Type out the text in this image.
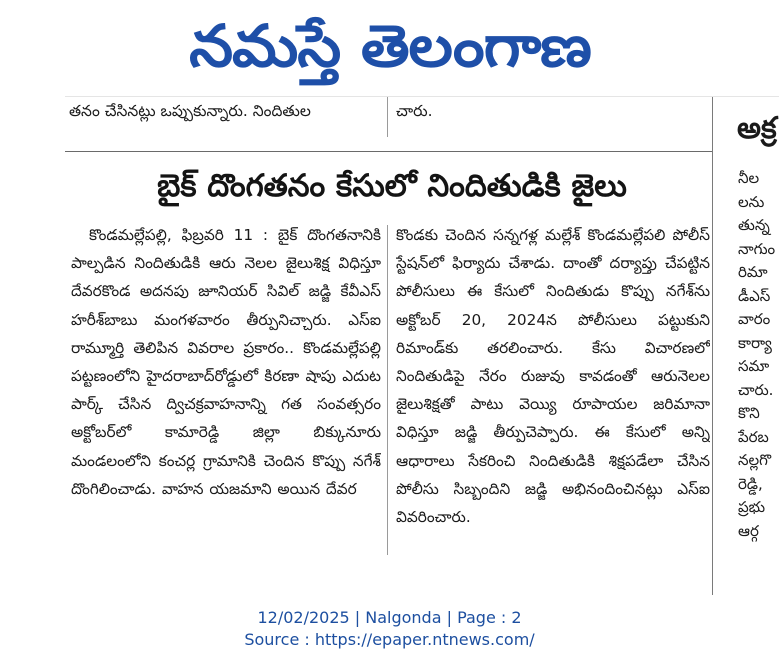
నమస్తే తెలంగాణ
తనం చేసినట్లు ఒప్పుకున్నారు. నిందితుల	చారు.
బైక్ దొంగతనం కేసులో నిందితుడికి జైలు

కొండమల్లేపల్లి, ఫిబ్రవరి 11 : బైక్ దొంగతనానికి పాల్పడిన నిందితుడికి ఆరు నెలల జైలుశిక్ష విధిస్తూ దేవరకొండ అదనపు జూనియర్ సివిల్ జడ్జి కేవీఎస్ హరీశ్‌బాబు మంగళవారం తీర్పునిచ్చారు. ఎస్ఐ రామ్మూర్తి తెలిపిన వివరాల ప్రకారం.. కొండమల్లేపల్లి పట్టణంలోని హైదరాబాద్‌రోడ్డులో కిరణా షాపు ఎదుట పార్క్ చేసిన ద్విచక్రవాహనాన్ని గత సంవత్సరం అక్టోబర్‌లో కామారెడ్డి జిల్లా బిక్కునూరు మండలంలోని కంచర్ల గ్రామానికి చెందిన కొప్పు నగేశ్ దొంగిలించాడు. వాహన యజమాని అయిన దేవర

కొండకు చెందిన సన్నగళ్ల మల్లేశ్ కొండమల్లేపలి పోలీస్ స్టేషన్‌లో ఫిర్యాదు చేశాడు. దాంతో దర్యాప్తు చేపట్టిన పోలీసులు ఈ కేసులో నిందితుడు కొప్పు నగేశ్‌ను అక్టోబర్ 20, 2024న పోలీసులు పట్టుకుని రిమాండ్‌కు తరలించారు. కేసు విచారణలో నిందితుడిపై నేరం రుజువు కావడంతో ఆరునెలల జైలుశిక్షతో పాటు వెయ్యి రూపాయల జరిమానా విధిస్తూ జడ్జి తీర్పుచెప్పారు. ఈ కేసులో అన్ని ఆధారాలు సేకరించి నిందితుడికి శిక్షపడేలా చేసిన పోలీసు సిబ్బందిని జడ్జి అభినందించినట్లు ఎస్ఐ వివరించారు.

అక్ర
నీల
లను
తున్న
నాగుం
రిమా
డీఎస్
వారం
కార్యా
సమా
చారు.
కొని
పేరబ
నల్లగొ
రెడ్డి,
ప్రభు
ఆర్గ
12/02/2025 | Nalgonda | Page : 2
Source : https://epaper.ntnews.com/
